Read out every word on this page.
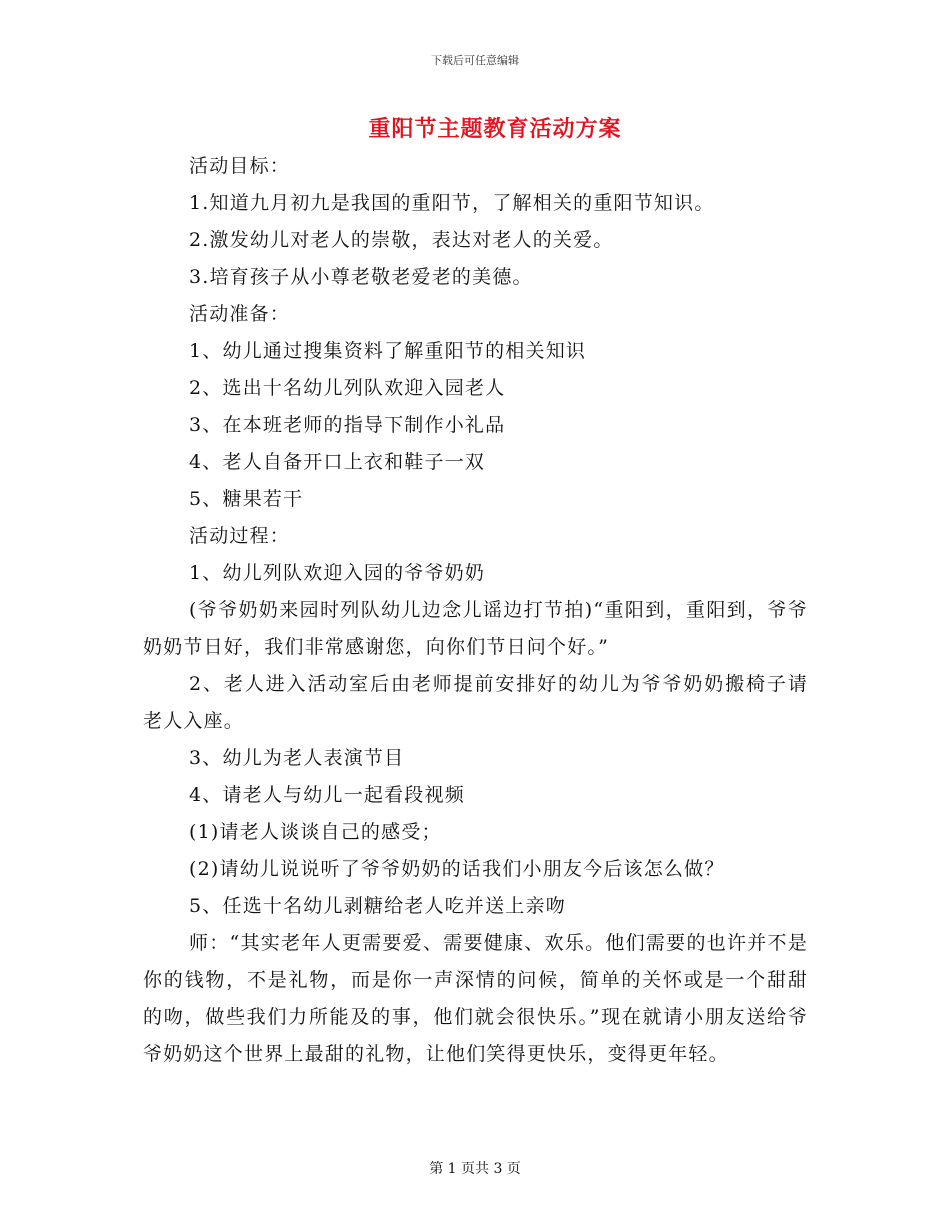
下载后可任意编辑
重阳节主题教育活动方案

活动目标：

1.知道九月初九是我国的重阳节，了解相关的重阳节知识。

2.激发幼儿对老人的崇敬，表达对老人的关爱。

3.培育孩子从小尊老敬老爱老的美德。

活动准备：

1、幼儿通过搜集资料了解重阳节的相关知识

2、选出十名幼儿列队欢迎入园老人

3、在本班老师的指导下制作小礼品

4、老人自备开口上衣和鞋子一双

5、糖果若干

活动过程：

1、幼儿列队欢迎入园的爷爷奶奶

(爷爷奶奶来园时列队幼儿边念儿谣边打节拍)“重阳到，重阳到，爷爷奶奶节日好，我们非常感谢您，向你们节日问个好。”

2、老人进入活动室后由老师提前安排好的幼儿为爷爷奶奶搬椅子请老人入座。

3、幼儿为老人表演节目

4、请老人与幼儿一起看段视频

(1)请老人谈谈自己的感受；

(2)请幼儿说说听了爷爷奶奶的话我们小朋友今后该怎么做？

5、任选十名幼儿剥糖给老人吃并送上亲吻

师：“其实老年人更需要爱、需要健康、欢乐。他们需要的也许并不是你的钱物，不是礼物，而是你一声深情的问候，简单的关怀或是一个甜甜的吻，做些我们力所能及的事，他们就会很快乐。”现在就请小朋友送给爷爷奶奶这个世界上最甜的礼物，让他们笑得更快乐，变得更年轻。

第 1 页共 3 页
